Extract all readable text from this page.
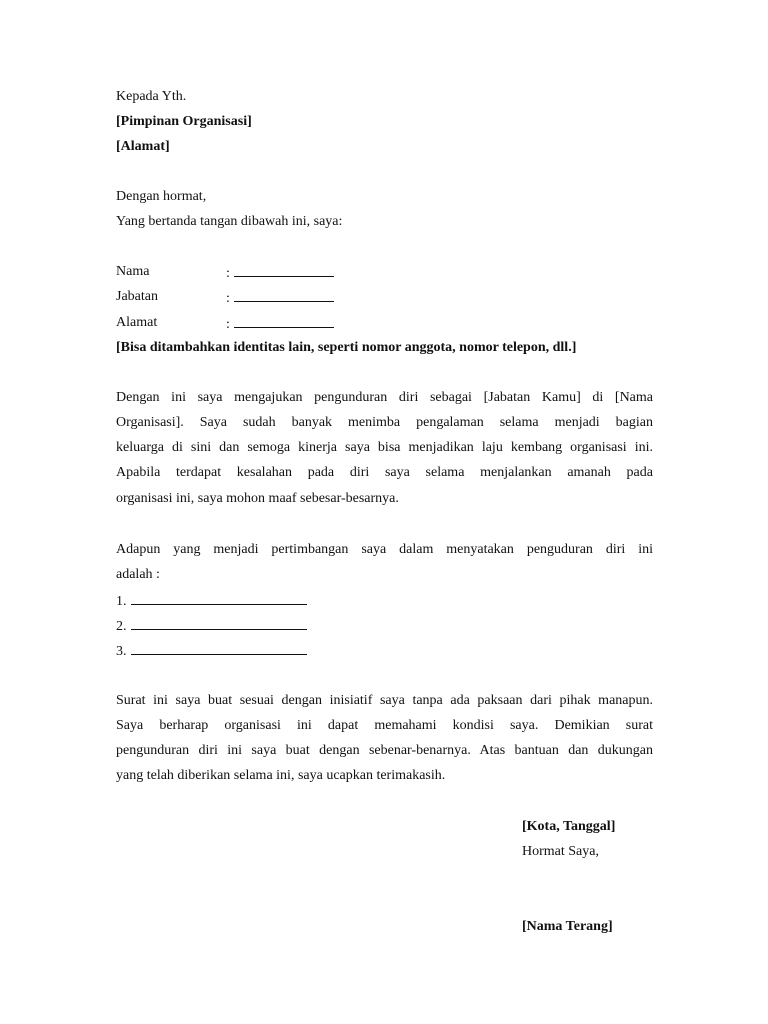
Kepada Yth.
[Pimpinan Organisasi]
[Alamat]
Dengan hormat,
Yang bertanda tangan dibawah ini, saya:
Nama	:
Jabatan	:
Alamat	:
[Bisa ditambahkan identitas lain, seperti nomor anggota, nomor telepon, dll.]
Dengan ini saya mengajukan pengunduran diri sebagai [Jabatan Kamu] di [Nama
Organisasi]. Saya sudah banyak menimba pengalaman selama menjadi bagian
keluarga di sini dan semoga kinerja saya bisa menjadikan laju kembang organisasi ini.
Apabila terdapat kesalahan pada diri saya selama menjalankan amanah pada
organisasi ini, saya mohon maaf sebesar-besarnya.
Adapun yang menjadi pertimbangan saya dalam menyatakan penguduran diri ini
adalah :
1.
2.
3.
Surat ini saya buat sesuai dengan inisiatif saya tanpa ada paksaan dari pihak manapun.
Saya berharap organisasi ini dapat memahami kondisi saya. Demikian surat
pengunduran diri ini saya buat dengan sebenar-benarnya. Atas bantuan dan dukungan
yang telah diberikan selama ini, saya ucapkan terimakasih.
[Kota, Tanggal]
Hormat Saya,
[Nama Terang]
